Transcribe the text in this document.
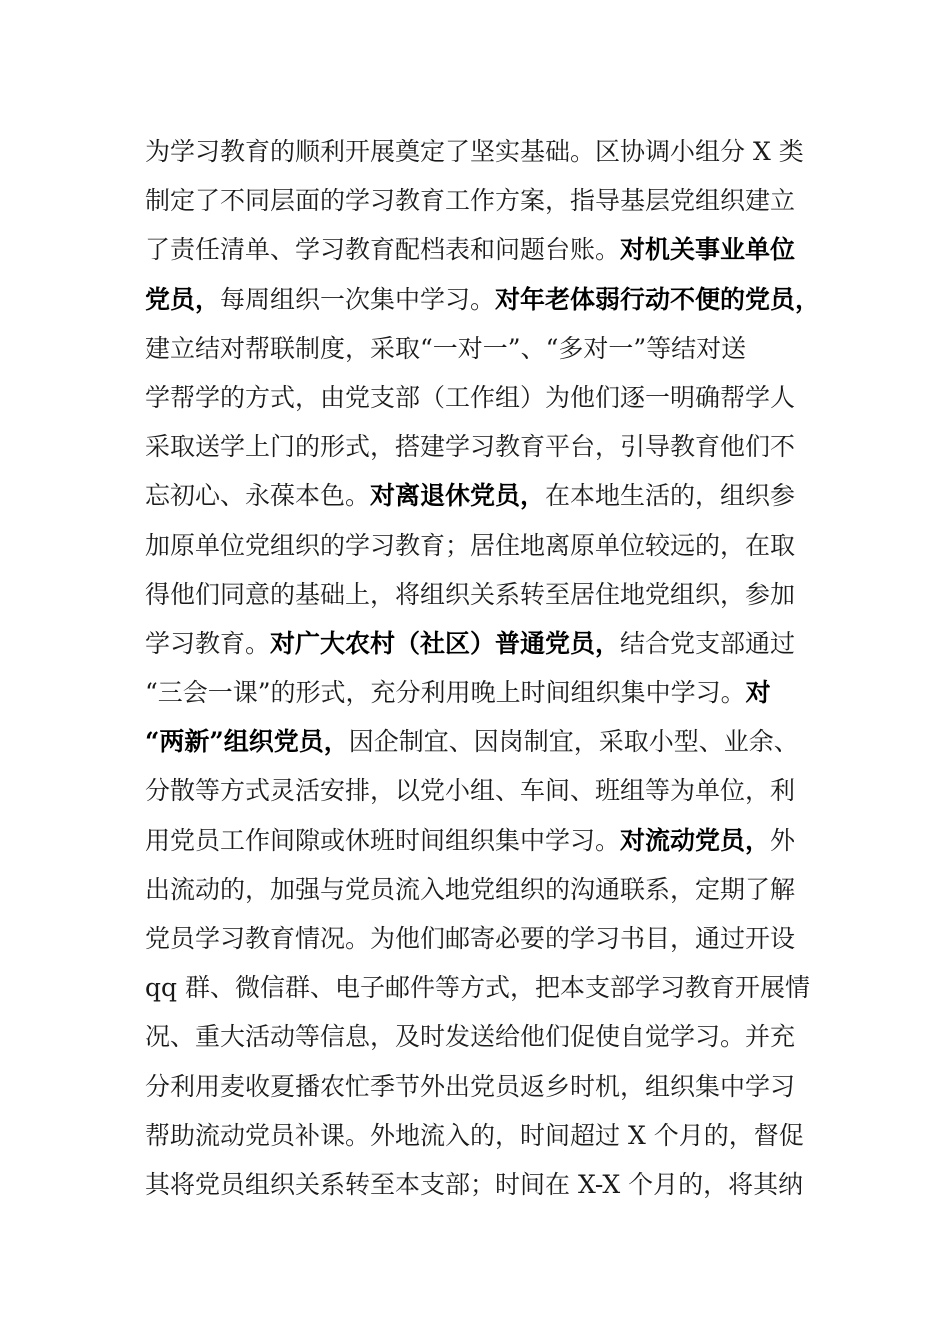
为学习教育的顺利开展奠定了坚实基础。区协调小组分 X 类
制定了不同层面的学习教育工作方案，指导基层党组织建立
了责任清单、学习教育配档表和问题台账。对机关事业单位
党员，每周组织一次集中学习。对年老体弱行动不便的党员，
建立结对帮联制度，采取“一对一”、“多对一”等结对送
学帮学的方式，由党支部（工作组）为他们逐一明确帮学人
采取送学上门的形式，搭建学习教育平台，引导教育他们不
忘初心、永葆本色。对离退休党员，在本地生活的，组织参
加原单位党组织的学习教育；居住地离原单位较远的，在取
得他们同意的基础上，将组织关系转至居住地党组织，参加
学习教育。对广大农村（社区）普通党员，结合党支部通过
“三会一课”的形式，充分利用晚上时间组织集中学习。对
“两新”组织党员，因企制宜、因岗制宜，采取小型、业余、
分散等方式灵活安排，以党小组、车间、班组等为单位，利
用党员工作间隙或休班时间组织集中学习。对流动党员，外
出流动的，加强与党员流入地党组织的沟通联系，定期了解
党员学习教育情况。为他们邮寄必要的学习书目，通过开设
qq 群、微信群、电子邮件等方式，把本支部学习教育开展情
况、重大活动等信息，及时发送给他们促使自觉学习。并充
分利用麦收夏播农忙季节外出党员返乡时机，组织集中学习
帮助流动党员补课。外地流入的，时间超过 X 个月的，督促
其将党员组织关系转至本支部；时间在 X-X 个月的，将其纳
